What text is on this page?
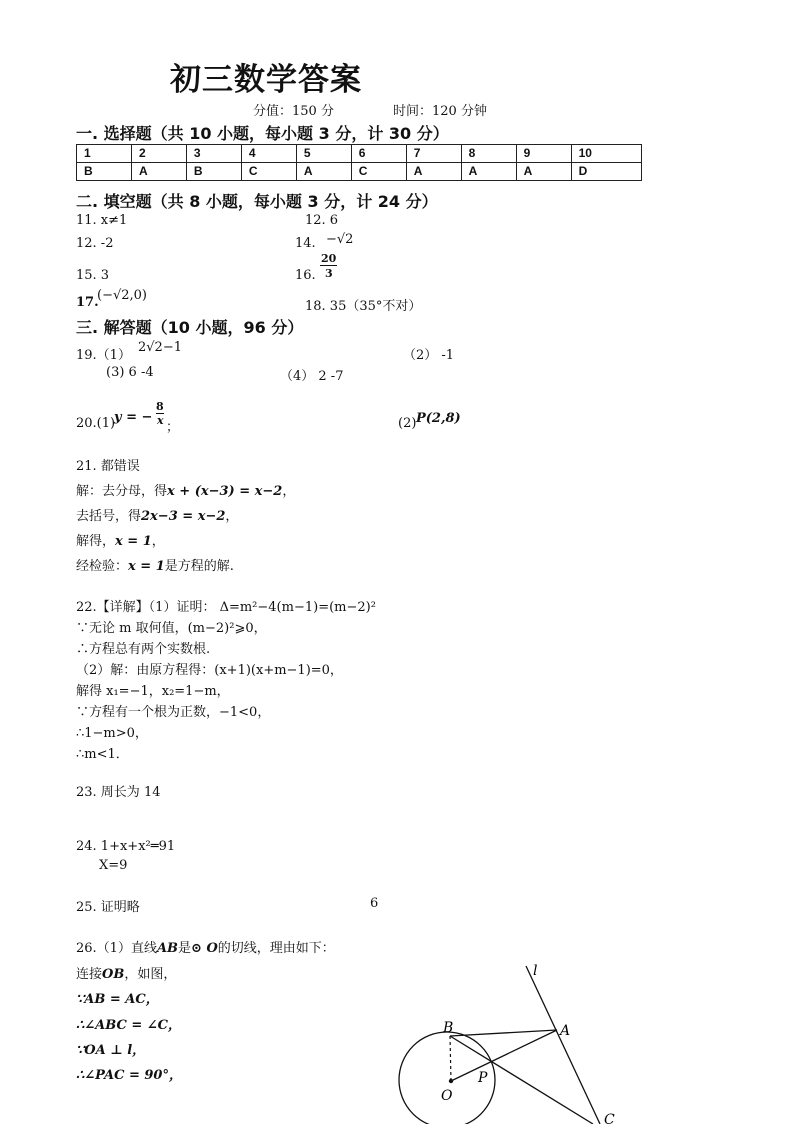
初三数学答案
分值：150 分	时间：120 分钟
一. 选择题（共 10 小题，每小题 3 分，计 30 分）
1	2	3	4	5	6	7	8	9	10
B	A	B	C	A	C	A	A	A	D
二. 填空题（共 8 小题，每小题 3 分，计 24 分）
11. x≠1	12. 6
12. -2	14. −√2
15. 3	16.
20
3
17.
(−√2,0)
18. 35（35°不对）
三. 解答题（10 小题，96 分）
19.（1）
2√2−1
（2） -1
(3) 6 -4	（4） 2 -7
20.(1)
y = −
8
x ；	(2) P(2,8)
21. 都错误
解：去分母，得x + (x−3) = x−2，
去括号，得2x−3 = x−2，
解得，x = 1，
经检验：x = 1是方程的解.
22.【详解】（1）证明： Δ=m²−4(m−1)=(m−2)²
∵无论 m 取何值，(m−2)²⩾0，
∴方程总有两个实数根.
（2）解：由原方程得：(x+1)(x+m−1)=0，
解得 x₁=−1，x₂=1−m，
∵方程有一个根为正数，−1<0，
∴1−m>0，
∴m<1．
23. 周长为 14
24. 1+x+x²═91
X=9
25. 证明略	6
26.（1）直线AB是⊙ O的切线，理由如下：
连接OB，如图，
∵AB = AC，
∴∠ABC = ∠C，
∵OA ⊥ l，
∴∠PAC = 90°，
l
A
B
O
P
C
